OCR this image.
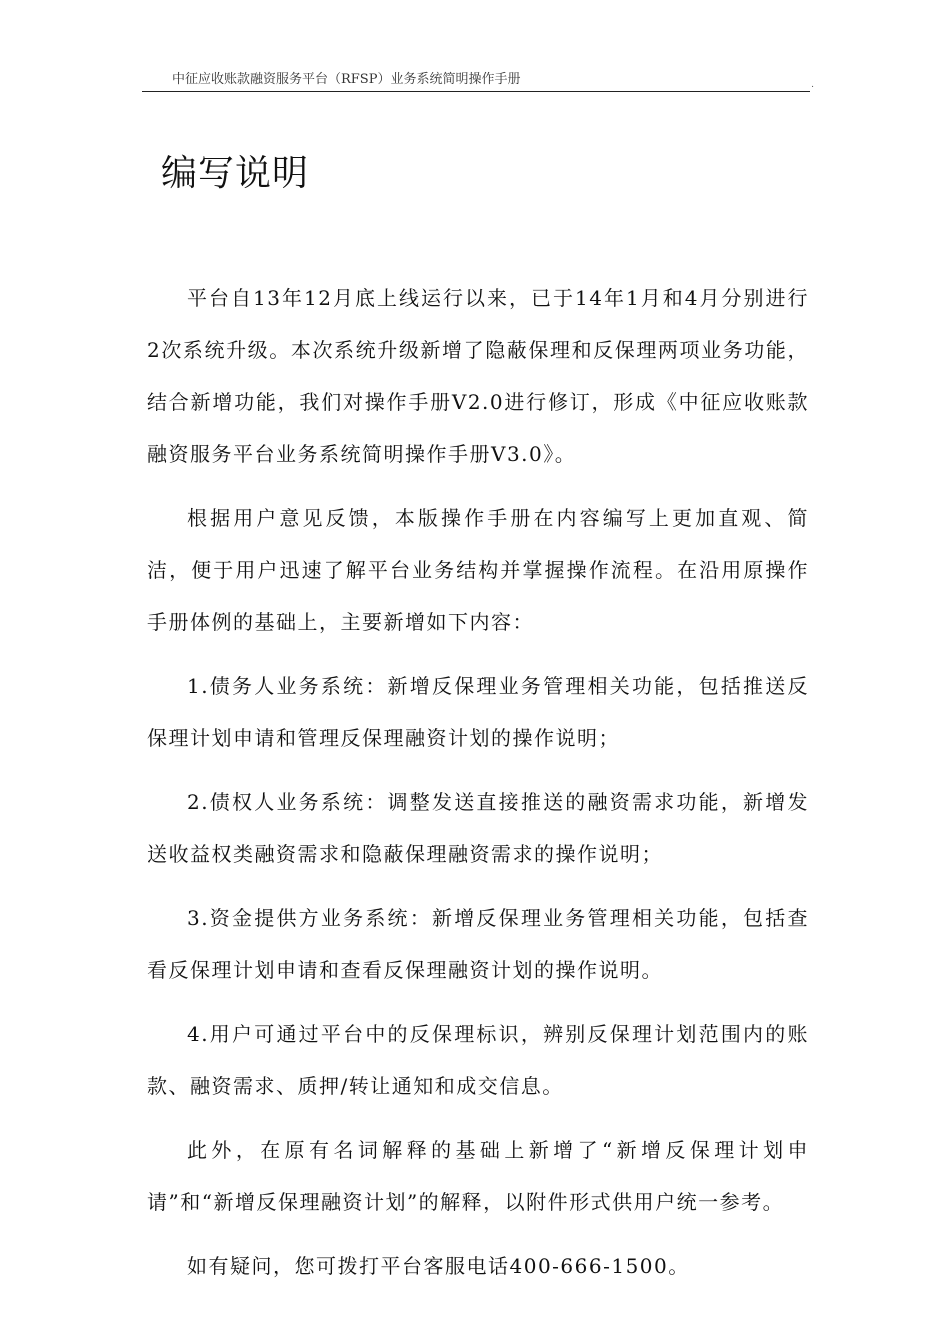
中征应收账款融资服务平台（RFSP）业务系统简明操作手册	.
编写说明

平台自13年12月底上线运行以来，已于14年1月和4月分别进行2次系统升级。本次系统升级新增了隐蔽保理和反保理两项业务功能，结合新增功能，我们对操作手册V2.0进行修订，形成《中征应收账款融资服务平台业务系统简明操作手册V3.0》。

根据用户意见反馈，本版操作手册在内容编写上更加直观、简洁，便于用户迅速了解平台业务结构并掌握操作流程。在沿用原操作手册体例的基础上，主要新增如下内容：

1.债务人业务系统：新增反保理业务管理相关功能，包括推送反保理计划申请和管理反保理融资计划的操作说明；

2.债权人业务系统：调整发送直接推送的融资需求功能，新增发送收益权类融资需求和隐蔽保理融资需求的操作说明；

3.资金提供方业务系统：新增反保理业务管理相关功能，包括查看反保理计划申请和查看反保理融资计划的操作说明。

4.用户可通过平台中的反保理标识，辨别反保理计划范围内的账款、融资需求、质押/转让通知和成交信息。

此外，在原有名词解释的基础上新增了“新增反保理计划申请”和“新增反保理融资计划”的解释，以附件形式供用户统一参考。

如有疑问，您可拨打平台客服电话400-666-1500。
